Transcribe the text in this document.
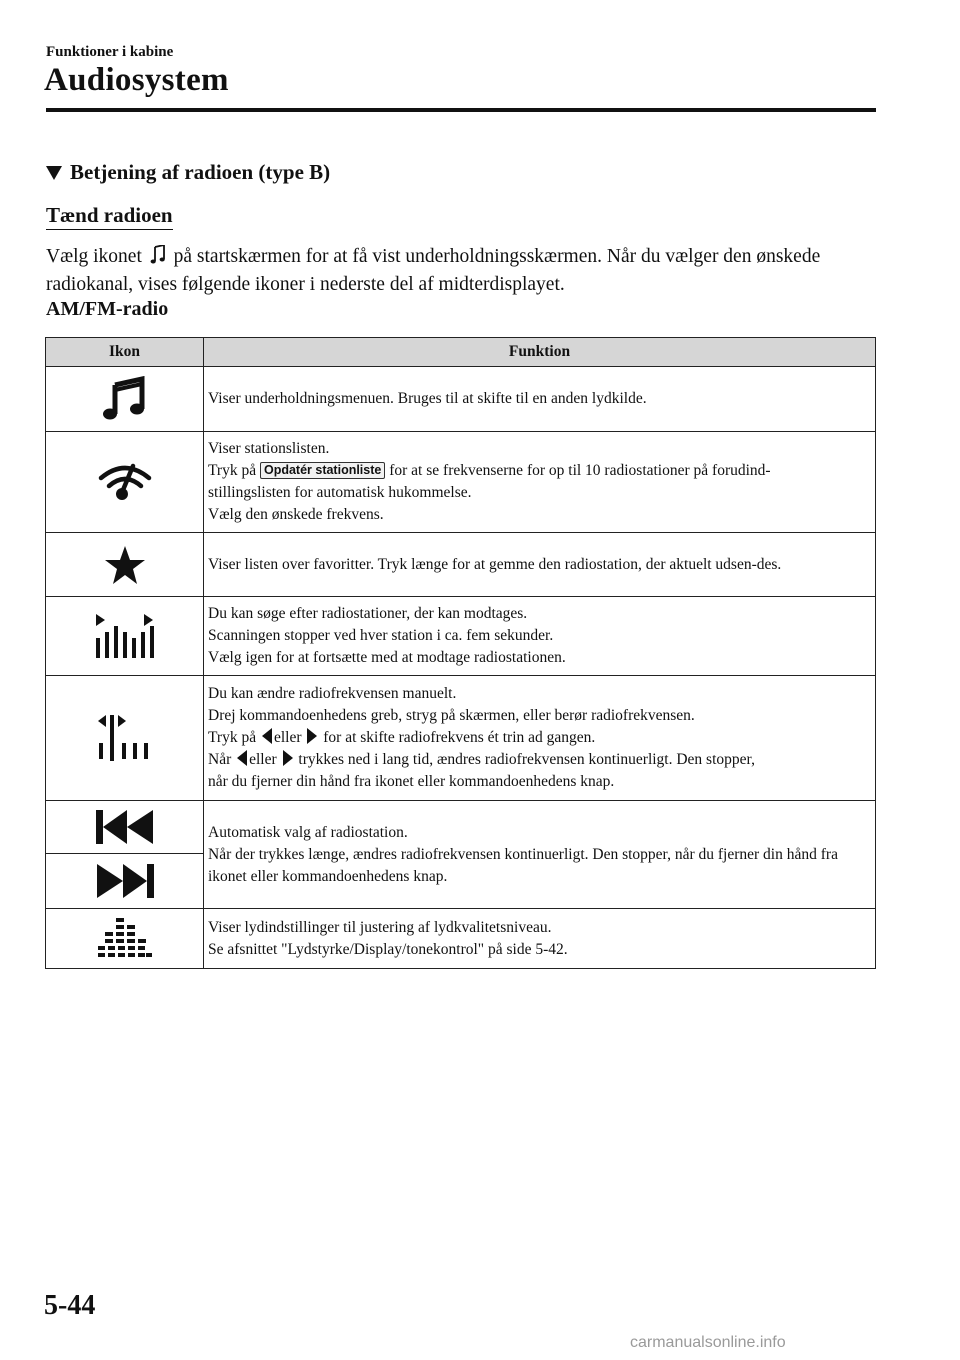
Funktioner i kabine
Audiosystem
Betjening af radioen (type B)
Tænd radioen
Vælg ikonet på startskærmen for at få vist underholdningsskærmen. Når du vælger den ønskede radiokanal, vises følgende ikoner i nederste del af midterdisplayet.
AM/FM-radio
Ikon	Funktion

Viser underholdningsmenuen. Bruges til at skifte til en anden lydkilde.

Viser stationslisten.
Tryk på Opdatér stationliste for at se frekvenserne for op til 10 radiostationer på forudind-
stillingslisten for automatisk hukommelse.
Vælg den ønskede frekvens.

Viser listen over favoritter. Tryk længe for at gemme den radiostation, der aktuelt udsen-des.

Du kan søge efter radiostationer, der kan modtages.
Scanningen stopper ved hver station i ca. fem sekunder.
Vælg igen for at fortsætte med at modtage radiostationen.

Du kan ændre radiofrekvensen manuelt.
Drej kommandoenhedens greb, stryg på skærmen, eller berør radiofrekvensen.
Tryk på eller for at skifte radiofrekvens ét trin ad gangen.
Når eller trykkes ned i lang tid, ændres radiofrekvensen kontinuerligt. Den stopper,
når du fjerner din hånd fra ikonet eller kommandoenhedens knap.

Automatisk valg af radiostation.
Når der trykkes længe, ændres radiofrekvensen kontinuerligt. Den stopper, når du fjerner din hånd fra ikonet eller kommandoenhedens knap.

Viser lydindstillinger til justering af lydkvalitetsniveau.
Se afsnittet "Lydstyrke/Display/tonekontrol" på side 5-42.
5-44
carmanualsonline.info
